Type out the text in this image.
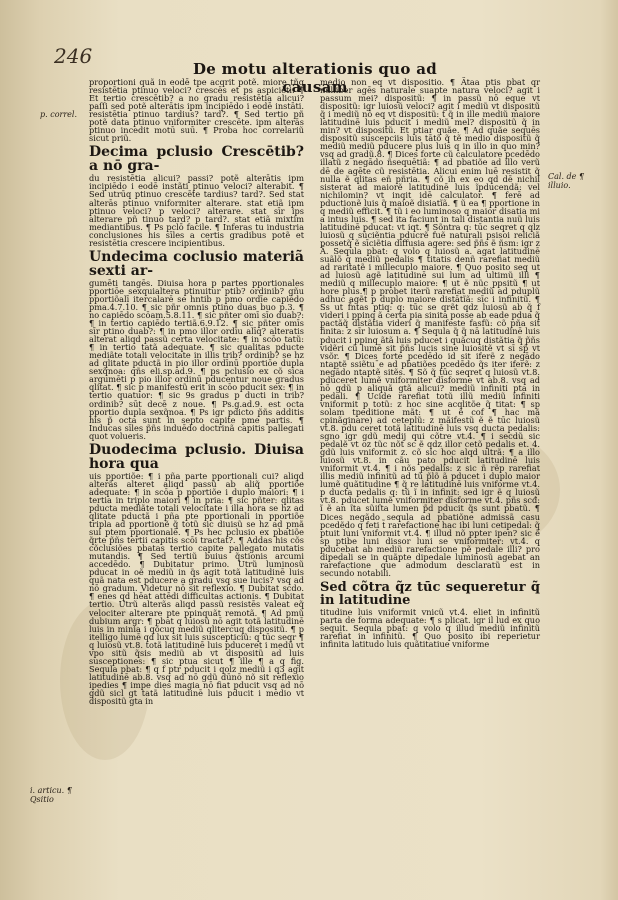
246
De motu alterationis quo ad causam
p. correl.
i. articu. ¶ Qsitio
Cal. de ¶ illuio.

proportioni quã in eodē tpe acqrit potẽ. miore tñg resistētia ptinuo veloci? crescēs et ps aspiciēti. ¶ Et tertio crescētib? a no gradu resistētia alicui? paſſi sed potẽ alterātis ipm incipiēdo i eodē instāti. resistētia ptinuo tardius? tard?. ¶ Sed tertio pñ potẽ data ptinuo vniformiter crescēte. ipm alterās ptinuo incedit motū suū. ¶ Proba hoc correlariũ sicut priũ.

Decima pclusio Crescētib? a nō gra-

du resistētia alicui? passi? potẽ alterātis ipm incipiēdo i eodē instãti ptinuo veloci? alterabit. ¶ Sed utrūq ptinuo crescēte tardius? tard?. Sed stat alterās ptinuo vniformiter alterare. stat etiã ipm ptinuo veloci? p veloci? alterare. stat sīr ips alterare pñ tinuo tard? p tard?. stat etiã mixtim mediantibus. ¶ Ps pclō facile. ¶ Inferas tu industria conclusiones his sīles a certis gradibus potẽ et resistētia crescere incipientibus.

Undecima coclusio materiã sexti ar-

gumēti tangēs. Diuisa hora p partes pportionales pportiōe sexquialtera ptinuitur ptib? ordinib? gñu pportiõalī itercalarē se hntib p pmo ordīe capiēdo pma.4.7.10. ¶ sic pñr omnis ptino duas buo p.3. ¶ no capiēdo scōam.5.8.11. ¶ sic pñter omī sīo duab?: ¶ in tertio capiēdo tertiã.6.9.12. ¶ sic pñter omīs sīr ptino duab?: ¶ in pmo illor ordīu alīq? alteratis alterat aliqd passũ certa velocitate: ¶ in scōo tatũ: ¶ in tertio tatã adequate. ¶ sic qualitas pducte mediãte totali velocitate in illis trib? ordinib? se hz ad qlitate pductã in pio illor ordīnū pportiōe dupla sexq̃noa: qñs eli.sp.ad.9. ¶ ps pclusio ex cõ sīca argumēti p pio illor ordinū pducentur noue gradus qlitat. ¶ sic p manifestũ erit in scōo pducit sex: ¶ in tertio quatuor: ¶ sic 9s gradus p ducti in trib? ordinib? sūt decē z noue. ¶ Ps.g.ad.9. est octa pportio dupla sexq̃noa. ¶ Ps igr pdicto p̃ñs additis his p̃ octa sunt in septo capite pme partis. ¶ Inducas sīles p̃ñs induēdo doctrinã capitis pallegati quot volueris.

Duodecima pclusio. Diuisa hora qua

uis pportiõe: ¶ i pña parte pportionali cui? aliqd alterãs alteret aliqd passũ ab aliq̃ pportiõe adequate: ¶ in scōa p pportiõe i duplo maiori: ¶ i tertia in triplo maiori ¶ in pria: ¶ sic pñter: qlitas pducta mediãte totali velocitate i illa hora se hz ad qlitate pductã i pña pte pportionali in pportiõe tripla ad pportionẽ q̃ totũ sic diuisũ se hz ad pmã sui ptem pportionalē. ¶ Ps hec pclusio ex pbatiõe q̃rte p̃ñs tertii capitis scōi tractat?. ¶ Addas his cõs cõclusiões pbatas tertio capite pallegato mutatis mutandis. ¶ Sed tertiũ buius q̃stionis arcumi accedēdo. ¶ Dubitatur primo. Utrũ luminosũ pducat in oẽ mediũ in q̃s agit totã latitudinē luis quã nata est pducere a gradu vsq sue lucis? vsq ad nō gradum. Videtur nō sit reflexio. ¶ Dubitat scdo. ¶ enes qd hēat attēdi difficultas actionis. ¶ Dubitat tertio. Utrũ alterãs aliqd passũ resistēs valeat eq̃ velociter alterare pte ppinquãt remotã. ¶ Ad pmũ dubium argr: ¶ pbat q luiosũ nō agit totã latitudinē luis in minia i qõcuq mediũ qlitercuq dispositũ. ¶ p itelligo lumē qd lux sit luis suscepticiũ: q tūc seqr ¶ q luiosũ vt.8. totã latitudinē luis pduceret i medũ vt vpo sitũ q̃sis mediũ ab vt dispositũ ad luis susceptiones: ¶ sic ptua sicut ¶ ille ¶ a q fig. Sequla pbat: ¶ q f ptr pducit i qolz mediũ i q3 agit latitudinē ab.8. vsq ad nō gdũ dūnō nõ sit reflexio ipedies ¶ impe dies magia nō fiat pducit vsq ad nō gdũ sicl gt tatã latitudinē luis pducit i medio vt dispositũ gta in

medio non eq vt dispositio. ¶ Ãtaa ptis pbat qr nulliber agēs naturale suapte natura veloci? agit i passum mei? dispositũ: ¶ in passũ nō eque vt dispositũ: igr luiosũ veloci? agit i mediũ vt dispositũ q̃ i mediũ nō eq vt dispositũ: t q̃ in ille mediũ maiore latitudinē luis pducit i mediũ mel? dispositũ q̃ in min? vt dispositũ. Et ptiar quãe. ¶ Ad quãe sequēs dispositũ suscepciis luis tātõ q̃ tẽ medio dispositũ q̃ mediũ mediũ pducere plus luis q in illo in quo min? vsq ad gradũ.8. ¶ Dices forte cũ calculatore pcedēdo illatũ z negādo ñsequētiã: ¶ ad pbatiõe ad illo verũ dē de agēte cũ resistētia. Alicui enim luē resistit q̃ nulla ẽ qlitas eñ pñria. ¶ cõ ih ex eo qd dē nichil sisterat ad maiorẽ latitudinē luis ĩpducendã: vel nichilomin? vt inqit idē calculator. ¶ ferē ad pductionẽ luis q̃ maioẽ disiatĩã. ¶ ũ ea ¶ pportione in q mediũ efficit. ¶ tũ i eo luminoso q maior disatia mi a intus luis. ¶ sed ita faciunt in tali distantia nuũ luis latitudinē pducat: vt iqt. ¶ Sõntra q: tūc seqret q qlz luiosũ q sūciẽntia pducrẽ fuẽ naturali psisoi reliciã possetq̃ ẽ sīciẽtia dīffusia agere: sed p̃ñs ẽ ñsm: igr z Ã. Sequla pbat: q volo q luiosũ a. agat latitudinē suãlõ q mediũ pedalis ¶ titatis denñ rarefiat mediũ ad raritatẽ i millecuplo maiore. ¶ Quo posito seq ut ad luiosũ agẽ latitudinē sui lum ad ultimũ illi ¶ mediũ q millecuplo maiore: ¶ ut ẽ nũc ppsitũ ¶ ut hore plus.¶ p probet iterũ rarefiat mediũ ad pduplũ adhuc agẽt p duplo maiore distātĩã: sīc i infinitũ. ¶ Ss ut f̃ntas ptiq: q: tūc se qrẽt qdz luiosũ ab q̃ f videri i ppinq ã certa pia sinita posse ab eade pdua q̃ pactãq̃ distãtia videri q̃ manifeste fasfũ: cõ pña sit finita: z sīr luiosum a. ¶ Sequla q̃ q̃ nā latitudinē luis pducit i ppinq ãtã luis pducet i quãcuq distãtia q̃ p̃ñs vidẽri cũ lumē sit p̃ñs lucis sine luiositẽ vt sī sp̃ vt vsõr. ¶ Dices forte pcedēdo id sit iferẽ z negādo ntaptẽ ssiẽtu¯e ad pbatiões pcedēdo q̃s iter iferẽ: z negādo ntaptẽ sitẽs. ¶ Sõ q̃ tūc seqret q luiosũ vt.8. pduceret lumẽ vniformiter dīsforme vt ab.8. vsq ad nō gdũ p aliquã gtã alicui? mediũ infiniti pta in pedali. ¶ Ucide rarefiat totũ illũ mediũ infiniti vniformit p totũ: z hoc sine acqlitõe q̃ titat: ¶ sp solam tpeditione mãt: ¶ ut ẽ cof ¶ hac mã cpinãginare) ad ceteplũ: z mãifestũ ẽ ẽ tūc luiosũ vt.8. pdu ceret totã latitudinē luis vsq ducta pedalis: sgno igr gdũ medij qui cõtre vt.4. ¶ i secdũ sic pedalẽ vt oz tũc nõt sc ẽ qdz illor cetõ pedalis et. 4. gdũ luis vniformit z. cõ sic hoc alqd ultrã: ¶ a illo luiosũ vt.8. in cãu pato pducit latitudinē luis vniformit vt.4. ¶ i nõs pedalis: z sic ñ rẽp rarefiat illis mediũ infinitũ ad tũ p̃lõ ã pducet i duplo maior lumẽ quãtitudine ¶ q̃ re latitudinē luis vniforme vt.4. p ducta pedalis q: tũ ĩ in infinit: sed igr ẽ q luiosũ vt.8. pducet lumẽ vniformiter dīsforme vt.4. pñs scđ: ĩ ẽ an ĩta sũiſta lumen p̃d pducit q̃s sunt pbatũ. ¶ Dices negãdo sequla ad pbatiõne admissã casu pcedẽdo q feti t̃ rarefactione hac ibi luni cetipedal: q̃ ptuit luni vniformit vt.4. ¶ illud nõ ppter ipen? sic ẽ sp ptibe luni dissor luni se vniformiter: vt.4. q pducebat ab mediũ rarefactione pẽ pedale illi? pro dipedali se in quãpte dipedale luminosũ agebat an rarefactione que admodum desclaratũ est in secundo notabili.

Sed cõtra q̃z tūc sequeretur q̃ in latitudine

titudine luis vniformit vnicũ vt.4. eliet in infinitũ parta de forma adequate: ¶ s plicat. igr il lud ex quo sequit. Sequla pbat: q volo q illud mediũ infinitũ rarefiat in infinitũ. ¶ Quo posito ibi reperietur infinita latitudo luis quãtitatiue vniforme
